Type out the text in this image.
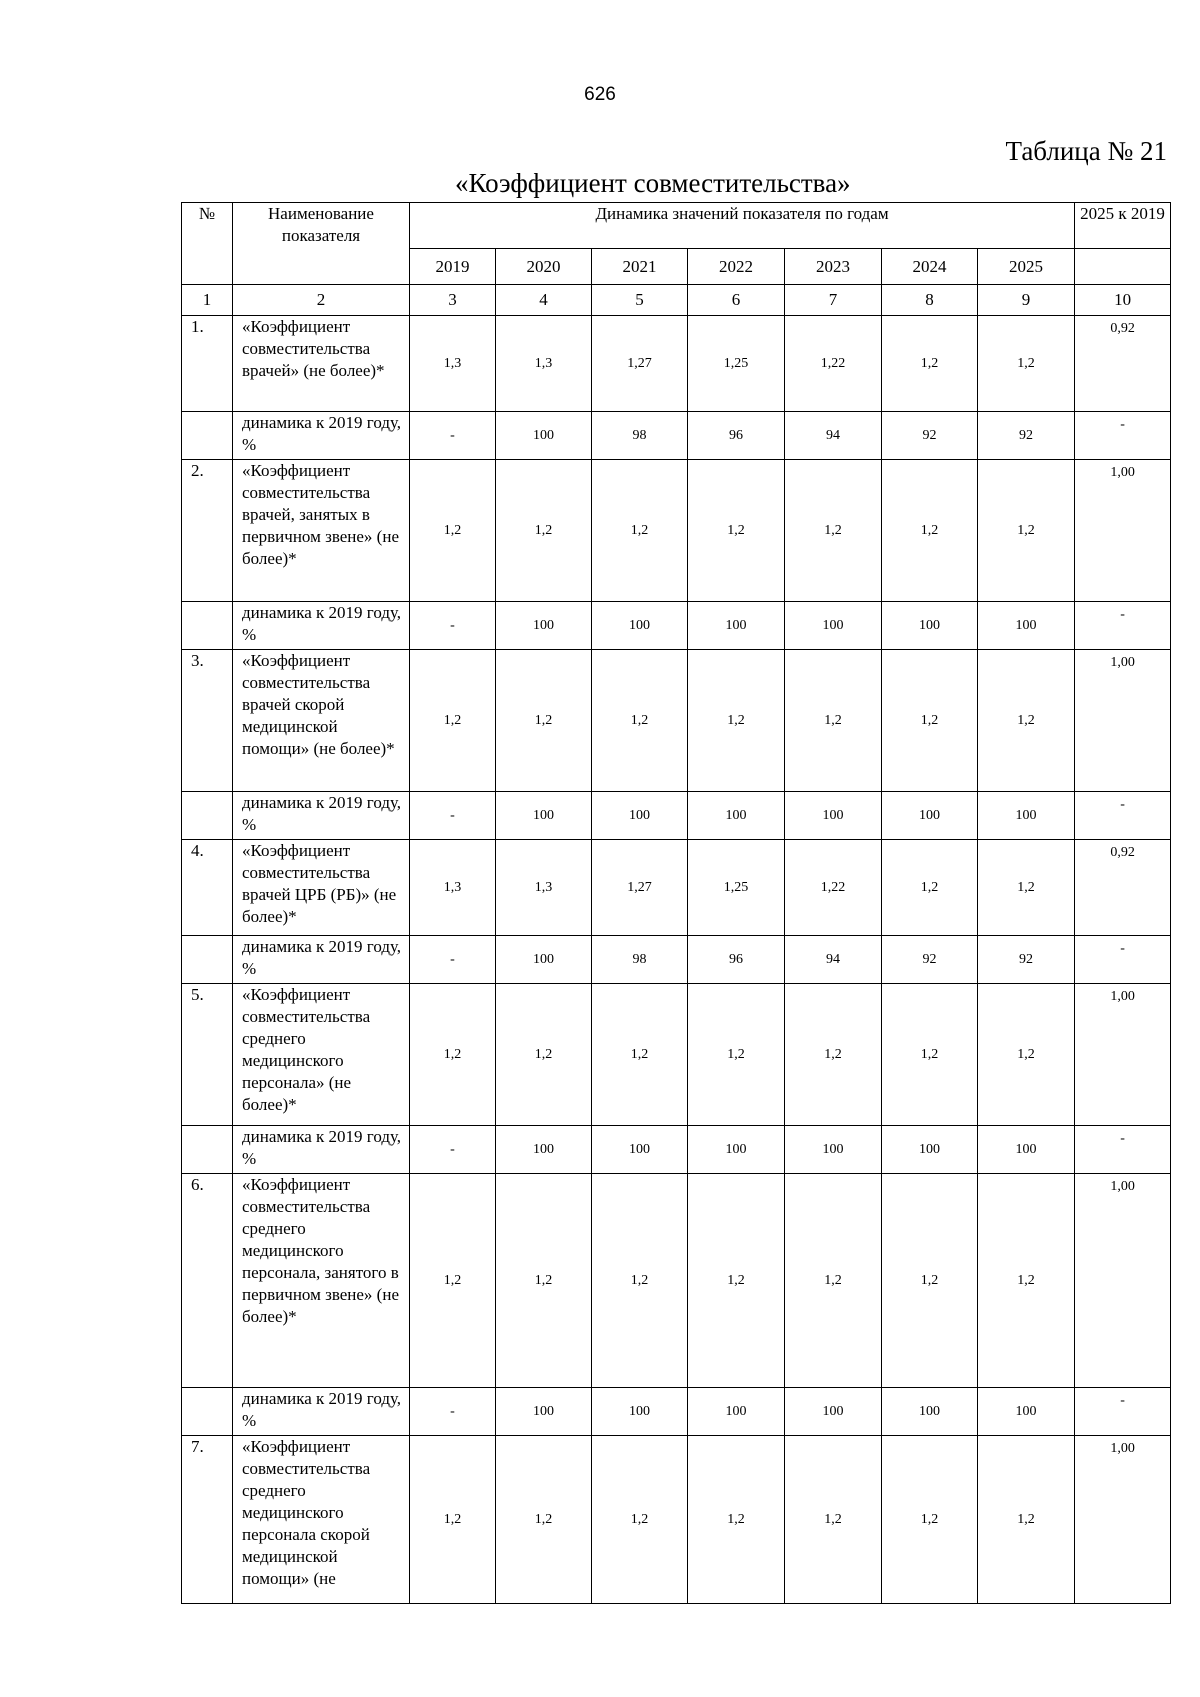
626
Таблица № 21
«Коэффициент совместительства»
№	Наименование показателя	Динамика значений показателя по годам							2025 к 2019
		2019	2020	2021	2022	2023	2024	2025	
1	2	3	4	5	6	7	8	9	10
1.	«Коэффициент совместительства врачей» (не более)*	1,3	1,3	1,27	1,25	1,22	1,2	1,2	0,92
	динамика к 2019 году, %	-	100	98	96	94	92	92	-
2.	«Коэффициент совместительства врачей, занятых в первичном звене» (не более)*	1,2	1,2	1,2	1,2	1,2	1,2	1,2	1,00
	динамика к 2019 году, %	-	100	100	100	100	100	100	-
3.	«Коэффициент совместительства врачей скорой медицинской помощи» (не более)*	1,2	1,2	1,2	1,2	1,2	1,2	1,2	1,00
	динамика к 2019 году, %	-	100	100	100	100	100	100	-
4.	«Коэффициент совместительства врачей ЦРБ (РБ)» (не более)*	1,3	1,3	1,27	1,25	1,22	1,2	1,2	0,92
	динамика к 2019 году, %	-	100	98	96	94	92	92	-
5.	«Коэффициент совместительства среднего медицинского персонала» (не более)*	1,2	1,2	1,2	1,2	1,2	1,2	1,2	1,00
	динамика к 2019 году, %	-	100	100	100	100	100	100	-
6.	«Коэффициент совместительства среднего медицинского персонала, занятого в первичном звене» (не более)*	1,2	1,2	1,2	1,2	1,2	1,2	1,2	1,00
	динамика к 2019 году, %	-	100	100	100	100	100	100	-
7.	«Коэффициент совместительства среднего медицинского персонала скорой медицинской помощи» (не	1,2	1,2	1,2	1,2	1,2	1,2	1,2	1,00
